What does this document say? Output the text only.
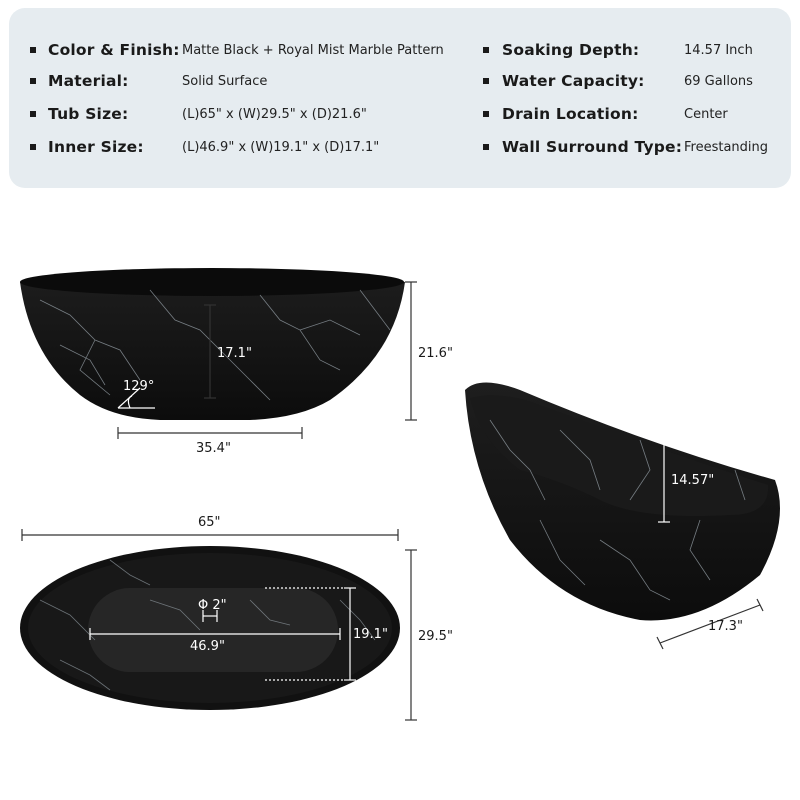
Color & Finish: Matte Black + Royal Mist Marble Pattern
Material:	Solid Surface
Tub Size:	(L)65" x (W)29.5" x (D)21.6"
Inner Size:	(L)46.9" x (W)19.1" x (D)17.1"
Soaking Depth:	14.57 Inch
Water Capacity:	69 Gallons
Drain Location:	Center
Wall Surround Type: Freestanding
17.1"
129°
21.6"
35.4"
65"
Φ 2"
46.9"
19.1" 29.5"
14.57"
17.3"
